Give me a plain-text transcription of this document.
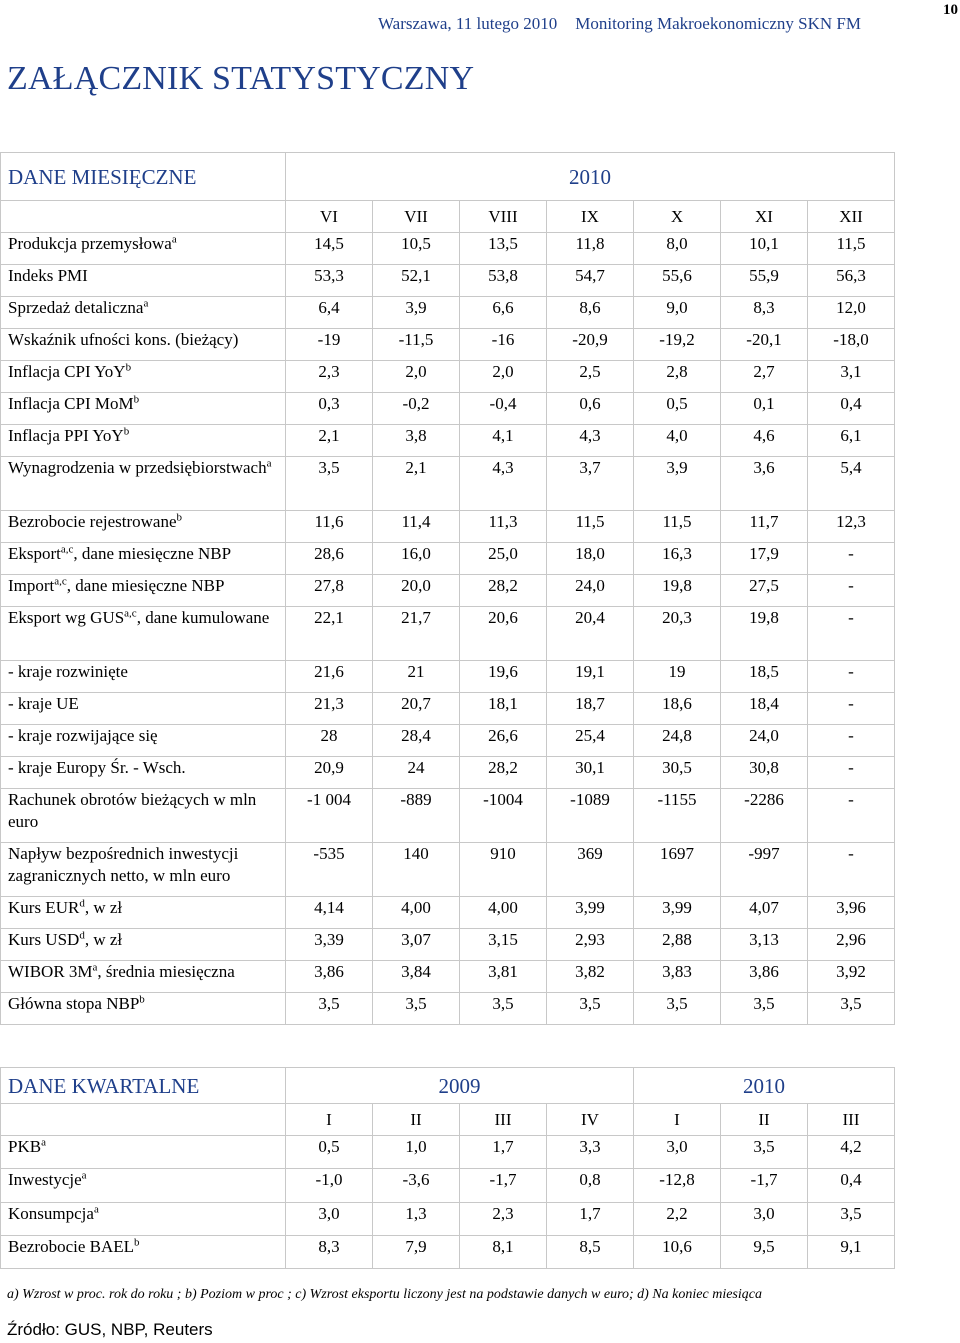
Warszawa, 11 lutego 2010 Monitoring Makroekonomiczny SKN FM
10
ZAŁĄCZNIK STATYSTYCZNY
DANE MIESIĘCZNE	2010						
	VI	VII	VIII	IX	X	XI	XII
Produkcja przemysłowa$^a$	14,5	10,5	13,5	11,8	8,0	10,1	11,5
Indeks PMI	53,3	52,1	53,8	54,7	55,6	55,9	56,3
Sprzedaż detaliczna$^a$	6,4	3,9	6,6	8,6	9,0	8,3	12,0
Wskaźnik ufności kons. (bieżący)	-19	-11,5	-16	-20,9	-19,2	-20,1	-18,0
Inflacja CPI YoY$^b$	2,3	2,0	2,0	2,5	2,8	2,7	3,1
Inflacja CPI MoM$^b$	0,3	-0,2	-0,4	0,6	0,5	0,1	0,4
Inflacja PPI YoY$^b$	2,1	3,8	4,1	4,3	4,0	4,6	6,1
Wynagrodzenia w przedsiębiorstwach$^a$	3,5	2,1	4,3	3,7	3,9	3,6	5,4
Bezrobocie rejestrowane$^b$	11,6	11,4	11,3	11,5	11,5	11,7	12,3
Eksport$^{a,c}$, dane miesięczne NBP	28,6	16,0	25,0	18,0	16,3	17,9	-
Import$^{a,c}$, dane miesięczne NBP	27,8	20,0	28,2	24,0	19,8	27,5	-
Eksport wg GUS$^{a,c}$, dane kumulowane	22,1	21,7	20,6	20,4	20,3	19,8	-
- kraje rozwinięte	21,6	21	19,6	19,1	19	18,5	-
- kraje UE	21,3	20,7	18,1	18,7	18,6	18,4	-
- kraje rozwijające się	28	28,4	26,6	25,4	24,8	24,0	-
- kraje Europy Śr. - Wsch.	20,9	24	28,2	30,1	30,5	30,8	-
Rachunek obrotów bieżących w mln euro	-1 004	-889	-1004	-1089	-1155	-2286	-
Napływ bezpośrednich inwestycji zagranicznych netto, w mln euro	-535	140	910	369	1697	-997	-
Kurs EUR$^d$, w zł	4,14	4,00	4,00	3,99	3,99	4,07	3,96
Kurs USD$^d$, w zł	3,39	3,07	3,15	2,93	2,88	3,13	2,96
WIBOR $3M^a$, średnia miesięczna	3,86	3,84	3,81	3,82	3,83	3,86	3,92
Główna stopa NBP$^b$	3,5	3,5	3,5	3,5	3,5	3,5	3,5
DANE KWARTALNE	2009				2010		
	I	II	III	IV	I	II	III
PKB$^a$	0,5	1,0	1,7	3,3	3,0	3,5	4,2
Inwestycje$^a$	-1,0	-3,6	-1,7	0,8	-12,8	-1,7	0,4
Konsumpcja$^a$	3,0	1,3	2,3	1,7	2,2	3,0	3,5
Bezrobocie BAEL$^b$	8,3	7,9	8,1	8,5	10,6	9,5	9,1
a) Wzrost w proc. rok do roku ; b) Poziom w proc ; c) Wzrost eksportu liczony jest na podstawie danych w euro; d) Na koniec miesiąca
Źródło: GUS, NBP, Reuters
